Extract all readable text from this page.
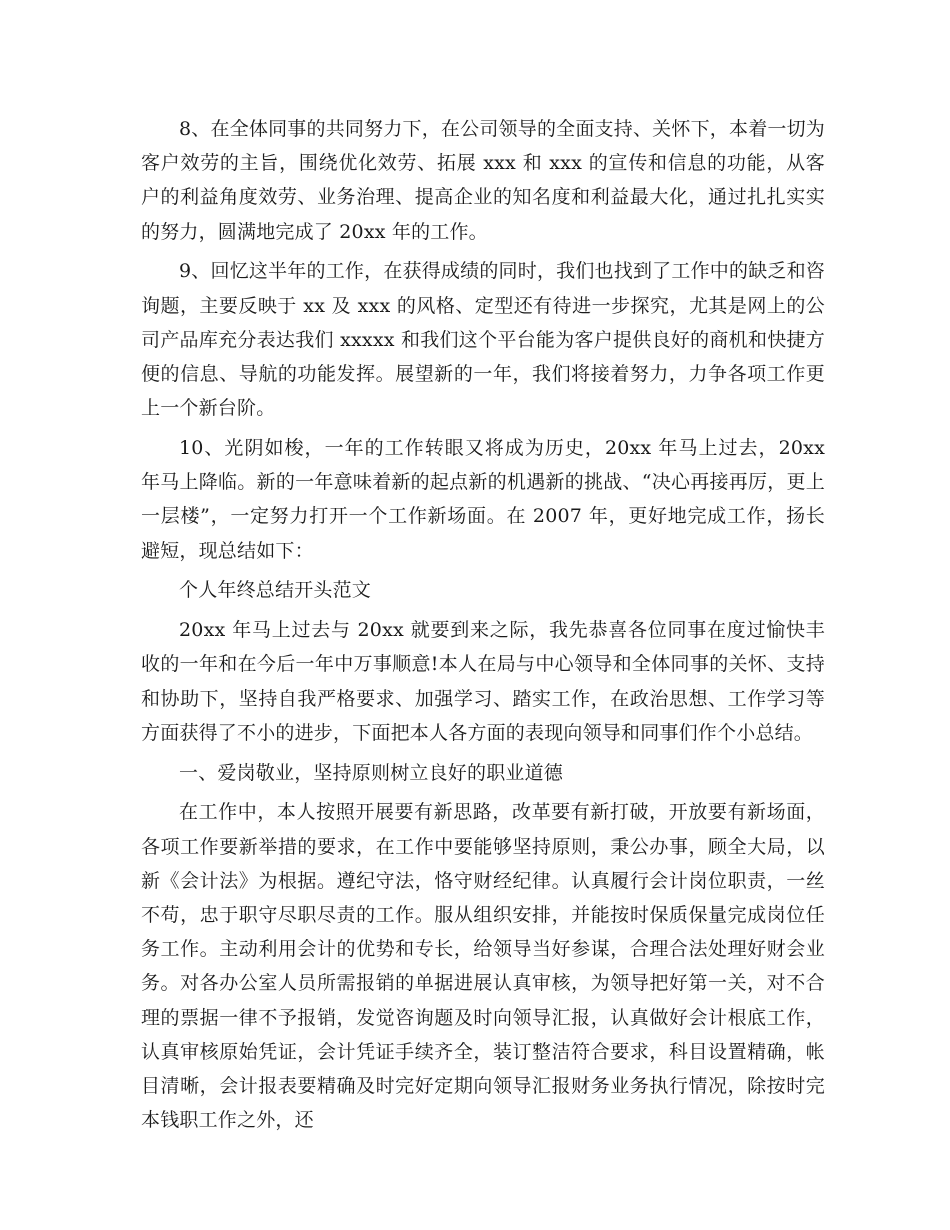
8、在全体同事的共同努力下，在公司领导的全面支持、关怀下，本着一切为客户效劳的主旨，围绕优化效劳、拓展 xxx 和 xxx 的宣传和信息的功能，从客户的利益角度效劳、业务治理、提高企业的知名度和利益最大化，通过扎扎实实的努力，圆满地完成了 20xx 年的工作。

9、回忆这半年的工作，在获得成绩的同时，我们也找到了工作中的缺乏和咨询题，主要反映于 xx 及 xxx 的风格、定型还有待进一步探究，尤其是网上的公司产品库充分表达我们 xxxxx 和我们这个平台能为客户提供良好的商机和快捷方便的信息、导航的功能发挥。展望新的一年，我们将接着努力，力争各项工作更上一个新台阶。

10、光阴如梭，一年的工作转眼又将成为历史，20xx 年马上过去，20xx 年马上降临。新的一年意味着新的起点新的机遇新的挑战、“决心再接再厉，更上一层楼”，一定努力打开一个工作新场面。在 2007 年，更好地完成工作，扬长避短，现总结如下：

个人年终总结开头范文

20xx 年马上过去与 20xx 就要到来之际，我先恭喜各位同事在度过愉快丰收的一年和在今后一年中万事顺意!本人在局与中心领导和全体同事的关怀、支持和协助下，坚持自我严格要求、加强学习、踏实工作，在政治思想、工作学习等方面获得了不小的进步，下面把本人各方面的表现向领导和同事们作个小总结。

一、爱岗敬业，坚持原则树立良好的职业道德

在工作中，本人按照开展要有新思路，改革要有新打破，开放要有新场面，各项工作要新举措的要求，在工作中要能够坚持原则，秉公办事，顾全大局，以新《会计法》为根据。遵纪守法，恪守财经纪律。认真履行会计岗位职责，一丝不苟，忠于职守尽职尽责的工作。服从组织安排，并能按时保质保量完成岗位任务工作。主动利用会计的优势和专长，给领导当好参谋，合理合法处理好财会业务。对各办公室人员所需报销的单据进展认真审核，为领导把好第一关，对不合理的票据一律不予报销，发觉咨询题及时向领导汇报，认真做好会计根底工作，认真审核原始凭证，会计凭证手续齐全，装订整洁符合要求，科目设置精确，帐目清晰，会计报表要精确及时完好定期向领导汇报财务业务执行情况，除按时完本钱职工作之外，还
